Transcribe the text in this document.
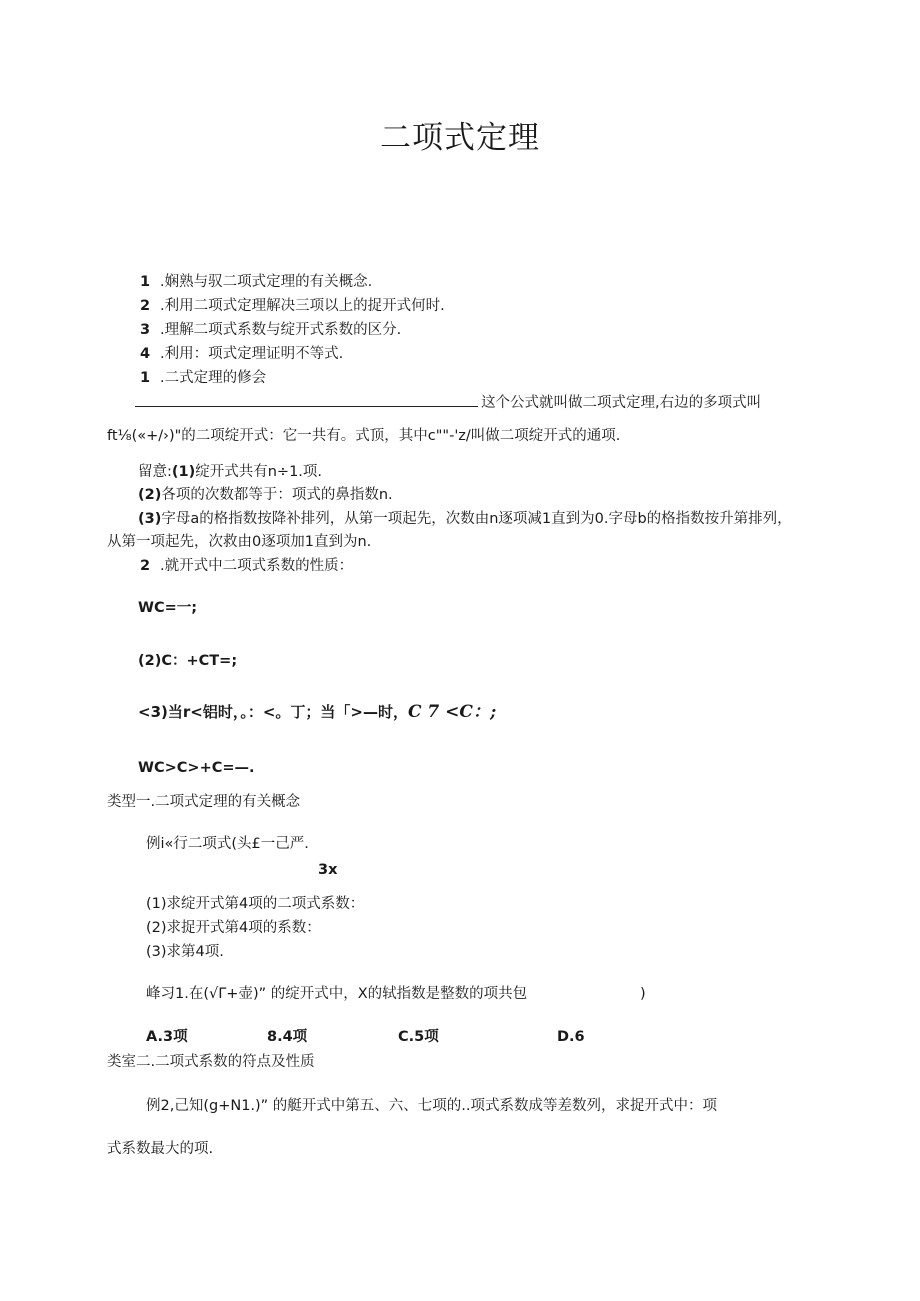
二项式定理
1 .娴熟与驭二项式定理的有关概念.
2 .利用二项式定理解决三项以上的捉开式何时.
3 .理解二项式系数与绽开式系数的区分.
4 .利用：项式定理证明不等式.
1 .二式定理的修会
这个公式就叫做二项式定理,右边的多项式叫
ft⅛(«+/›)"的二项绽开式：它一共有。式顶，其中c""-'z∕叫做二项绽开式的通项.
留意:(1)绽开式共有n÷1.项.
(2)各项的次数都等于：项式的鼻指数n.
(3)字母a的格指数按降补排列，从第一项起先，次数由n逐项减1直到为0.字母b的格指数按升第排列，
从第一项起先，次救由0逐项加1直到为n.
2 .就开式中二项式系数的性质：
WC=一;
(2)C：+CT=;
<3)当r<铝时，。：<。丁；当「>—时，C 7 <C：;
WC>C>+C=—.
类型一.二项式定理的有关概念
例i«行二项式(头£一己严.
3x
(1)求绽开式第4项的二项式系数：
(2)求捉开式第4项的系数：
(3)求第4项.
峰习1.在(√Γ+壶)” 的绽开式中，X的轼指数是整数的项共包	)
A.3项	8.4项	C.5项	D.6
类室二.二项式系数的符点及性质
例2,己知(g+N1.)” 的艇开式中第五、六、七项的..项式系数成等差数列，求捉开式中：项
式系数最大的项.
